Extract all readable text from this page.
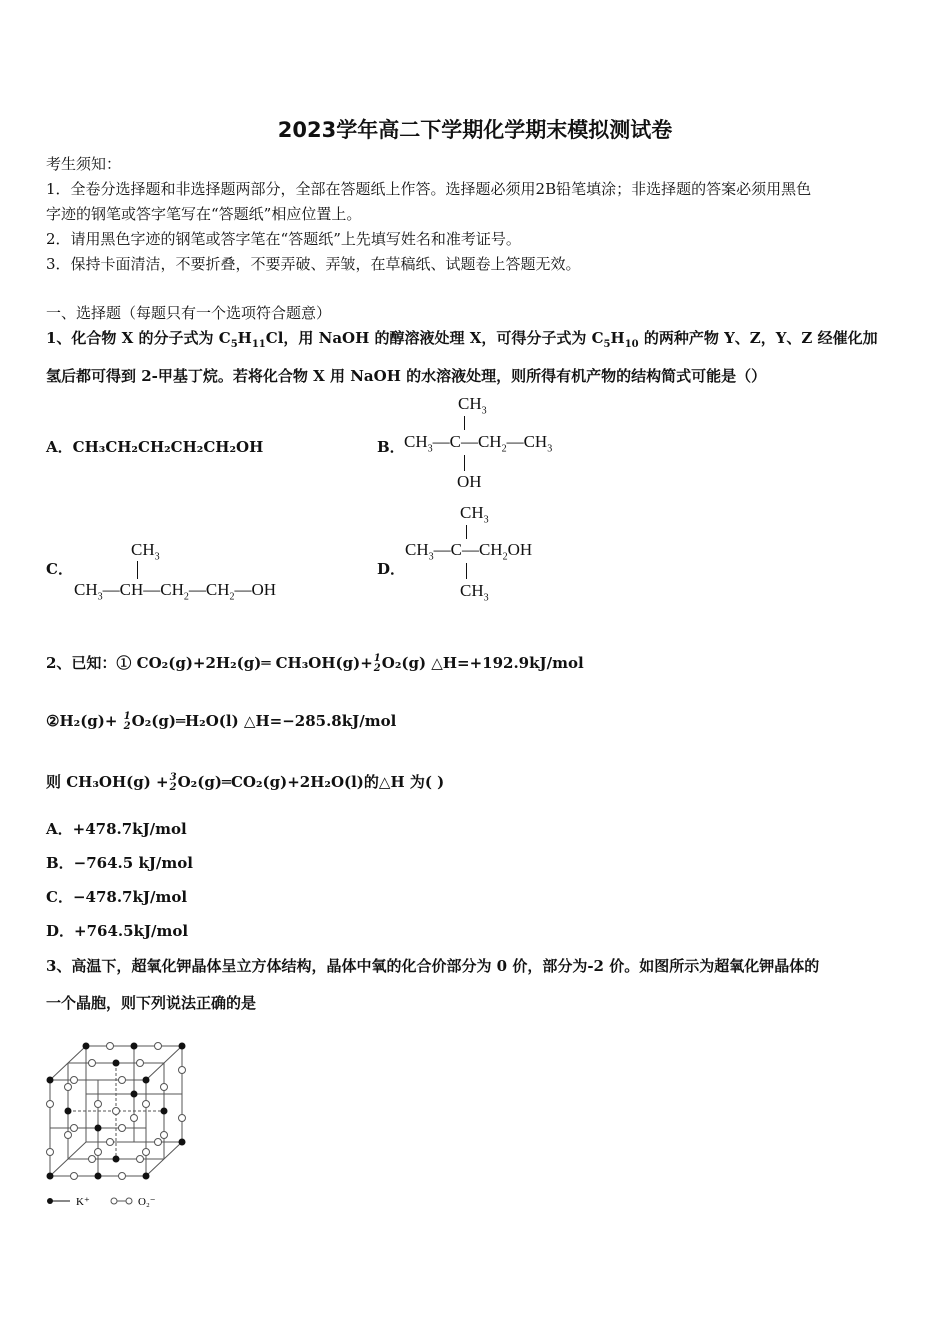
2023学年高二下学期化学期末模拟测试卷
考生须知：
1．全卷分选择题和非选择题两部分，全部在答题纸上作答。选择题必须用2B铅笔填涂；非选择题的答案必须用黑色
字迹的钢笔或答字笔写在“答题纸”相应位置上。
2．请用黑色字迹的钢笔或答字笔在“答题纸”上先填写姓名和准考证号。
3．保持卡面清洁，不要折叠，不要弄破、弄皱，在草稿纸、试题卷上答题无效。
一、选择题（每题只有一个选项符合题意）
1、化合物 X 的分子式为 $C_5H_{11}Cl$，用 NaOH 的醇溶液处理 X，可得分子式为 $C_5H_{10}$ 的两种产物 Y、Z，Y、Z 经催化加
氢后都可得到 2-甲基丁烷。若将化合物 X 用 NaOH 的水溶液处理，则所得有机产物的结构简式可能是（）
A．CH₃CH₂CH₂CH₂CH₂OH	B．
$CH_3$
$CH_3—C—CH_2—CH_3$
OH
C．
$CH_3$
$CH_3—CH—CH_2—CH_2—OH$
D．
$CH_3$
$CH_3—C—CH_2OH$
$CH_3$
2、已知：① CO₂(g)+2H₂(g)═ CH₃OH(g)+ 1
2 O₂(g) △H=+192.9kJ/mol
②H₂(g)+ 1
2 O₂(g)═H₂O(l) △H=−285.8kJ/mol
则 CH₃OH(g) + 3
2 O₂(g)═CO₂(g)+2H₂O(l)的△H 为( )
A．+478.7kJ/mol
B．−764.5 kJ/mol
C．−478.7kJ/mol
D．+764.5kJ/mol
3、高温下，超氧化钾晶体呈立方体结构，晶体中氧的化合价部分为 0 价，部分为-2 价。如图所示为超氧化钾晶体的
一个晶胞，则下列说法正确的是
K⁺	O₂⁻
